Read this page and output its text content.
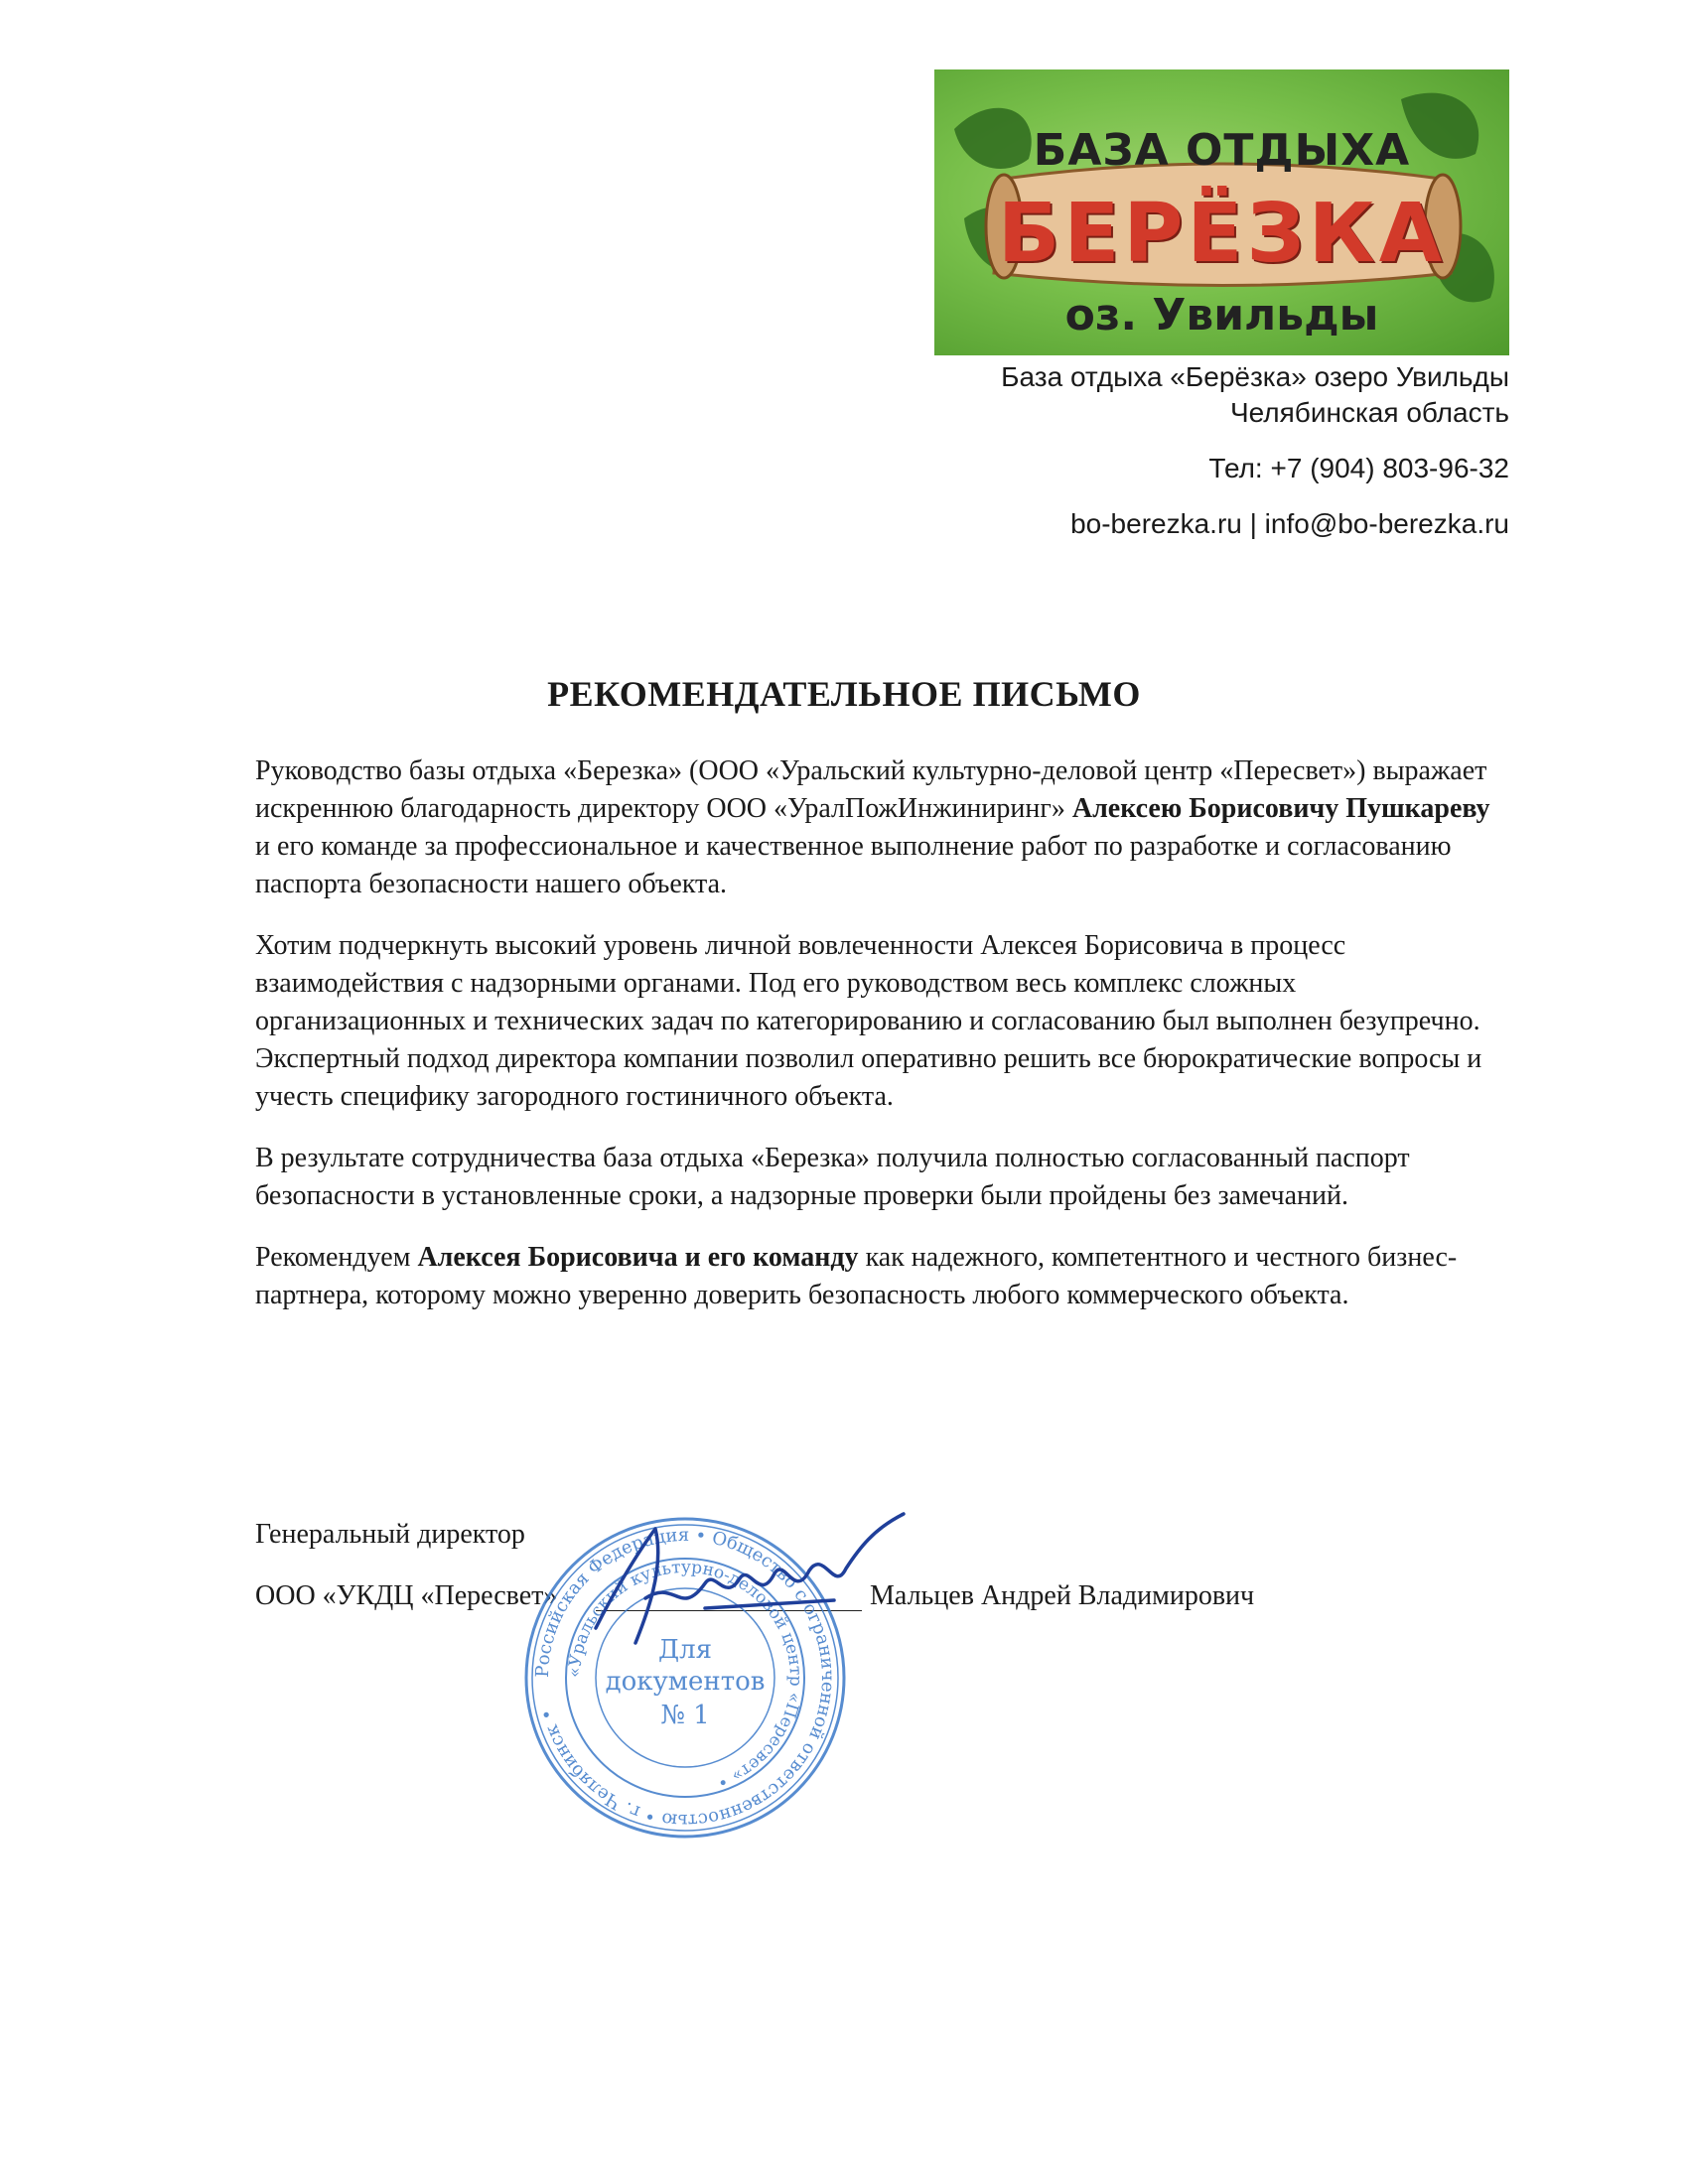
БАЗА ОТДЫХА
БЕРЁЗКА
оз. Увильды
База отдыха «Берёзка» озеро Увильды
Челябинская область
Тел: +7 (904) 803-96-32
bo-berezka.ru | info@bo-berezka.ru
РЕКОМЕНДАТЕЛЬНОЕ ПИСЬМО

Руководство базы отдыха «Березка» (ООО «Уральский культурно-деловой центр «Пересвет») выражает искреннюю благодарность директору ООО «УралПожИнжиниринг» Алексею Борисовичу Пушкареву и его команде за профессиональное и качественное выполнение работ по разработке и согласованию паспорта безопасности нашего объекта.

Хотим подчеркнуть высокий уровень личной вовлеченности Алексея Борисовича в процесс взаимодействия с надзорными органами. Под его руководством весь комплекс сложных организационных и технических задач по категорированию и согласованию был выполнен безупречно. Экспертный подход директора компании позволил оперативно решить все бюрократические вопросы и учесть специфику загородного гостиничного объекта.

В результате сотрудничества база отдыха «Березка» получила полностью согласованный паспорт безопасности в установленные сроки, а надзорные проверки были пройдены без замечаний.

Рекомендуем Алексея Борисовича и его команду как надежного, компетентного и честного бизнес-партнера, которому можно уверенно доверить безопасность любого коммерческого объекта.

Генеральный директор
ООО «УКДЦ «Пересвет»	Мальцев Андрей Владимирович
Российская Федерация • Общество с ограниченной ответственностью • г. Челябинск •
«Уральский культурно-деловой центр «Пересвет» •
Для
документов
№ 1
